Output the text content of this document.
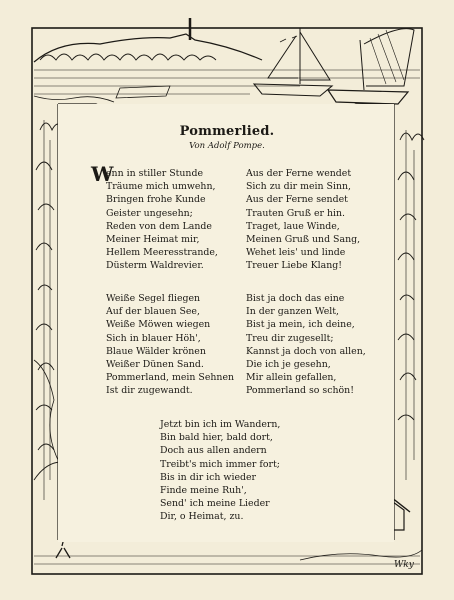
Pommerlied.

Von Adolf Pompe.

W
enn in stiller Stunde
Träume mich umwehn,
Bringen frohe Kunde
Geister ungesehn;
Reden von dem Lande
Meiner Heimat mir,
Hellem Meeresstrande,
Düsterm Waldrevier.
Aus der Ferne wendet
Sich zu dir mein Sinn,
Aus der Ferne sendet
Trauten Gruß er hin.
Traget, laue Winde,
Meinen Gruß und Sang,
Wehet leis' und linde
Treuer Liebe Klang!
Weiße Segel fliegen
Auf der blauen See,
Weiße Möwen wiegen
Sich in blauer Höh',
Blaue Wälder krönen
Weißer Dünen Sand.
Pommerland, mein Sehnen
Ist dir zugewandt.
Bist ja doch das eine
In der ganzen Welt,
Bist ja mein, ich deine,
Treu dir zugesellt;
Kannst ja doch von allen,
Die ich je gesehn,
Mir allein gefallen,
Pommerland so schön!
Jetzt bin ich im Wandern,
Bin bald hier, bald dort,
Doch aus allen andern
Treibt's mich immer fort;
Bis in dir ich wieder
Finde meine Ruh',
Send' ich meine Lieder
Dir, o Heimat, zu.
Wky
